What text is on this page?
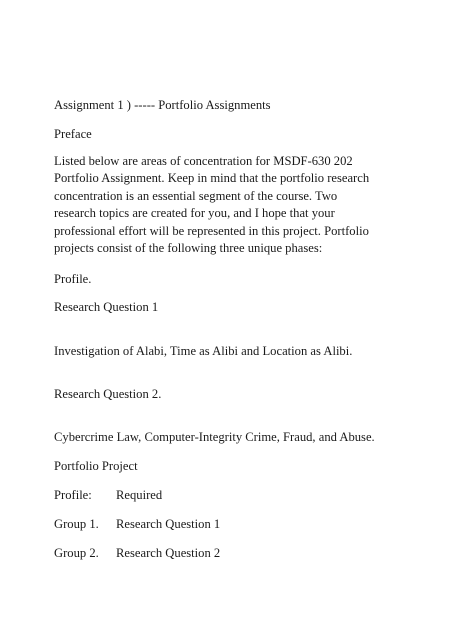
Assignment 1 ) ----- Portfolio Assignments

Preface

Listed below are areas of concentration for MSDF-630 202
Portfolio Assignment. Keep in mind that the portfolio research
concentration is an essential segment of the course. Two
research topics are created for you, and I hope that your
professional effort will be represented in this project. Portfolio
projects consist of the following three unique phases:

Profile.

Research Question 1

Investigation of Alabi, Time as Alibi and Location as Alibi.

Research Question 2.

Cybercrime Law, Computer-Integrity Crime, Fraud, and Abuse.

Portfolio Project

Profile: Required

Group 1. Research Question 1

Group 2. Research Question 2
